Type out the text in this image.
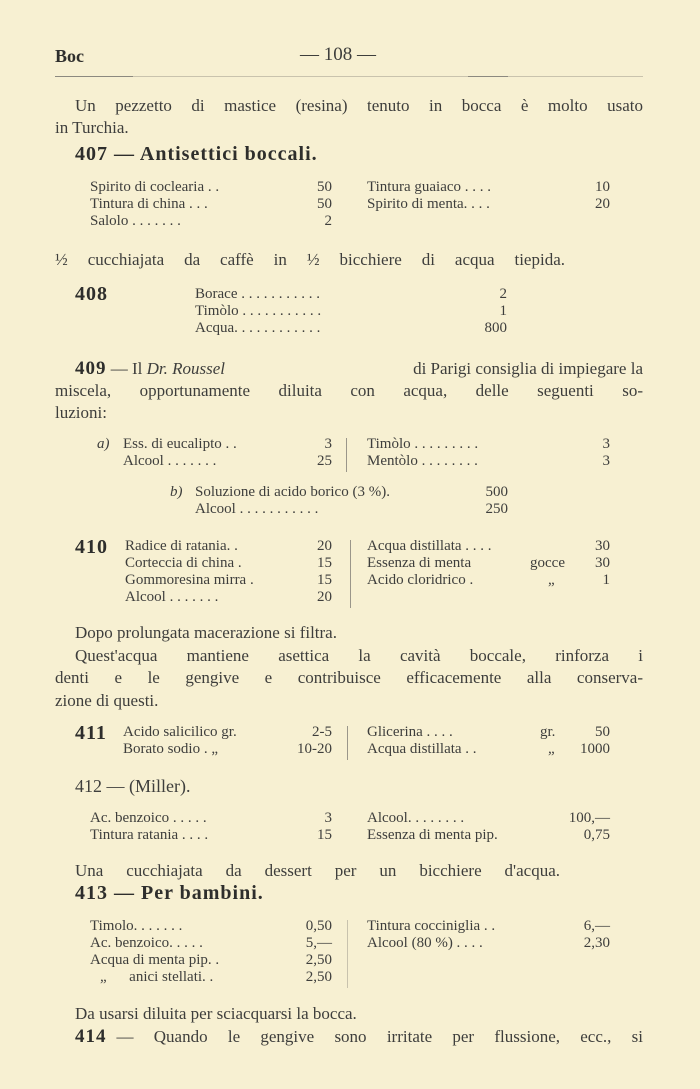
Boc	— 108 —
Un pezzetto di mastice (resina) tenuto in bocca è molto usato
in Turchia.
407 — Antisettici boccali.
Spirito di coclearia . .	50
Tintura di china . . .	50
Salolo . . . . . . .	2
Tintura guaiaco . . . .	10
Spirito di menta. . . .	20
½ cucchiajata da caffè in ½ bicchiere di acqua tiepida.
408	Borace . . . . . . . . . . .	2
Timòlo . . . . . . . . . . .	1
Acqua. . . . . . . . . . . .	800
409 — Il Dr. Roussel	di Parigi consiglia di impiegare la
miscela, opportunamente diluita con acqua, delle seguenti so-
luzioni:
a) Ess. di eucalipto . .	3
Alcool . . . . . . .	25
Timòlo . . . . . . . . .	3
Mentòlo . . . . . . . .	3
b) Soluzione di acido borico (3 %).	500
Alcool . . . . . . . . . . .	250
410 Radice di ratania. .	20
Corteccia di china .	15
Gommoresina mirra .	15
Alcool . . . . . . .	20
Acqua distillata . . . .	30
Essenza di menta	gocce	30
Acido cloridrico .	„	1
Dopo prolungata macerazione si filtra.
Quest'acqua mantiene asettica la cavità boccale, rinforza i
denti e le gengive e contribuisce efficacemente alla conserva-
zione di questi.
411 Acido salicilico gr.	2-5
Borato sodio . „	10-20
Glicerina . . . .	gr.	50
Acqua distillata . .	„	1000
412 — (Miller).
Ac. benzoico . . . . .	3
Tintura ratania . . . .	15
Alcool. . . . . . . .	100,—
Essenza di menta pip.	0,75
Una cucchiajata da dessert per un bicchiere d'acqua.
413 — Per bambini.
Timolo. . . . . . .	0,50
Ac. benzoico. . . . .	5,—
Acqua di menta pip. .	2,50
„      anici stellati. .	2,50
Tintura cocciniglia . .	6,—
Alcool (80 %) . . . .	2,30
Da usarsi diluita per sciacquarsi la bocca.
414 — Quando le gengive sono irritate per flussione, ecc., si
